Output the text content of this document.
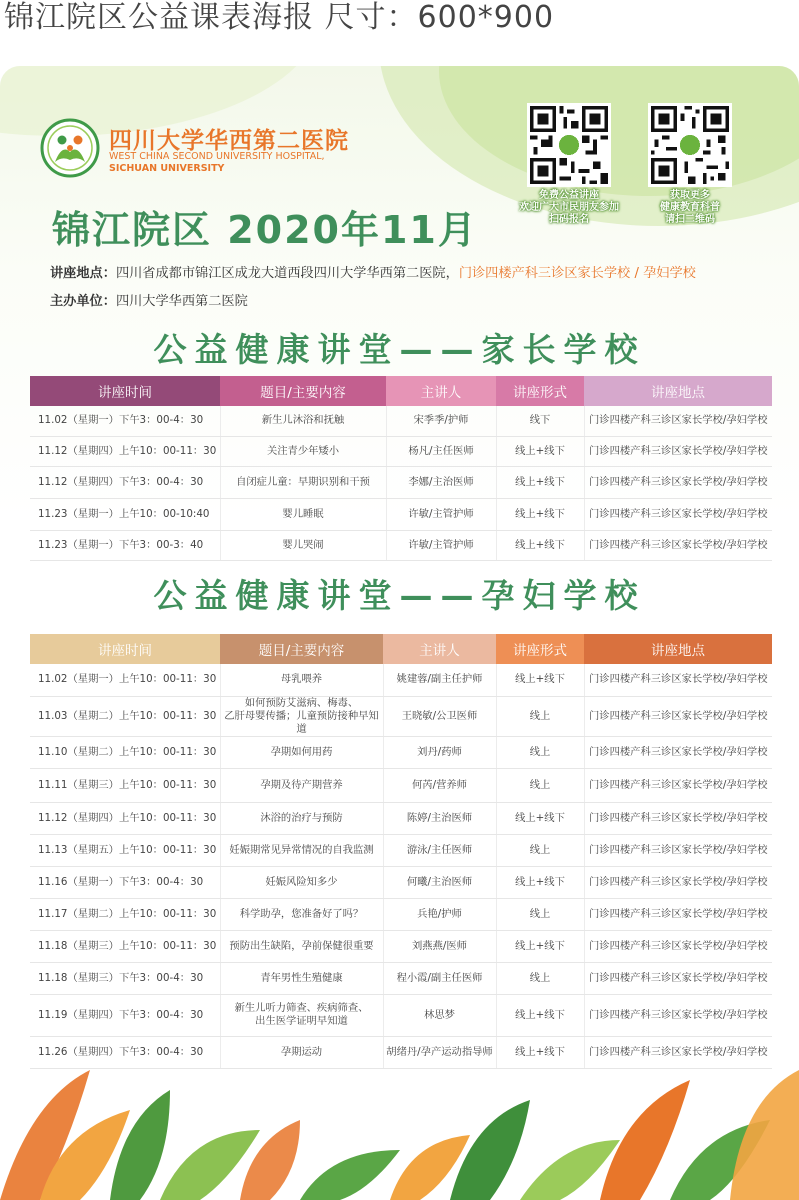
锦江院区公益课表海报 尺寸：600*900
四川大学华西第二医院
WEST CHINA SECOND UNIVERSITY HOSPITAL,
SICHUAN UNIVERSITY
免费公益讲座
欢迎广大市民朋友参加
扫码报名
获取更多
健康教育科普
请扫二维码
锦江院区 2020年11月
讲座地点：四川省成都市锦江区成龙大道西段四川大学华西第二医院，门诊四楼产科三诊区家长学校 / 孕妇学校
主办单位：四川大学华西第二医院
公益健康讲堂——家长学校
讲座时间	题目/主要内容	主讲人	讲座形式	讲座地点
11.02（星期一）下午3：00-4：30	新生儿沐浴和抚触	宋季季/护师	线下	门诊四楼产科三诊区家长学校/孕妇学校
11.12（星期四）上午10：00-11：30	关注青少年矮小	杨凡/主任医师	线上+线下	门诊四楼产科三诊区家长学校/孕妇学校
11.12（星期四）下午3：00-4：30	自闭症儿童：早期识别和干预	李娜/主治医师	线上+线下	门诊四楼产科三诊区家长学校/孕妇学校
11.23（星期一）上午10：00-10:40	婴儿睡眠	许敏/主管护师	线上+线下	门诊四楼产科三诊区家长学校/孕妇学校
11.23（星期一）下午3：00-3：40	婴儿哭闹	许敏/主管护师	线上+线下	门诊四楼产科三诊区家长学校/孕妇学校
公益健康讲堂——孕妇学校
讲座时间	题目/主要内容	主讲人	讲座形式	讲座地点
11.02（星期一）上午10：00-11：30	母乳喂养	姚建蓉/副主任护师	线上+线下	门诊四楼产科三诊区家长学校/孕妇学校
11.03（星期二）上午10：00-11：30	如何预防艾滋病、梅毒、
乙肝母婴传播；儿童预防接种早知道	王晓敏/公卫医师	线上	门诊四楼产科三诊区家长学校/孕妇学校
11.10（星期二）上午10：00-11：30	孕期如何用药	刘丹/药师	线上	门诊四楼产科三诊区家长学校/孕妇学校
11.11（星期三）上午10：00-11：30	孕期及待产期营养	何芮/营养师	线上	门诊四楼产科三诊区家长学校/孕妇学校
11.12（星期四）上午10：00-11：30	沐浴的治疗与预防	陈婷/主治医师	线上+线下	门诊四楼产科三诊区家长学校/孕妇学校
11.13（星期五）上午10：00-11：30	妊娠期常见异常情况的自我监测	游泳/主任医师	线上	门诊四楼产科三诊区家长学校/孕妇学校
11.16（星期一）下午3：00-4：30	妊娠风险知多少	何曦/主治医师	线上+线下	门诊四楼产科三诊区家长学校/孕妇学校
11.17（星期二）上午10：00-11：30	科学助孕，您准备好了吗？	兵艳/护师	线上	门诊四楼产科三诊区家长学校/孕妇学校
11.18（星期三）上午10：00-11：30	预防出生缺陷，孕前保健很重要	刘燕燕/医师	线上+线下	门诊四楼产科三诊区家长学校/孕妇学校
11.18（星期三）下午3：00-4：30	青年男性生殖健康	程小霞/副主任医师	线上	门诊四楼产科三诊区家长学校/孕妇学校
11.19（星期四）下午3：00-4：30	新生儿听力筛查、疾病筛查、
出生医学证明早知道	林思梦	线上+线下	门诊四楼产科三诊区家长学校/孕妇学校
11.26（星期四）下午3：00-4：30	孕期运动	胡绪丹/孕产运动指导师	线上+线下	门诊四楼产科三诊区家长学校/孕妇学校
